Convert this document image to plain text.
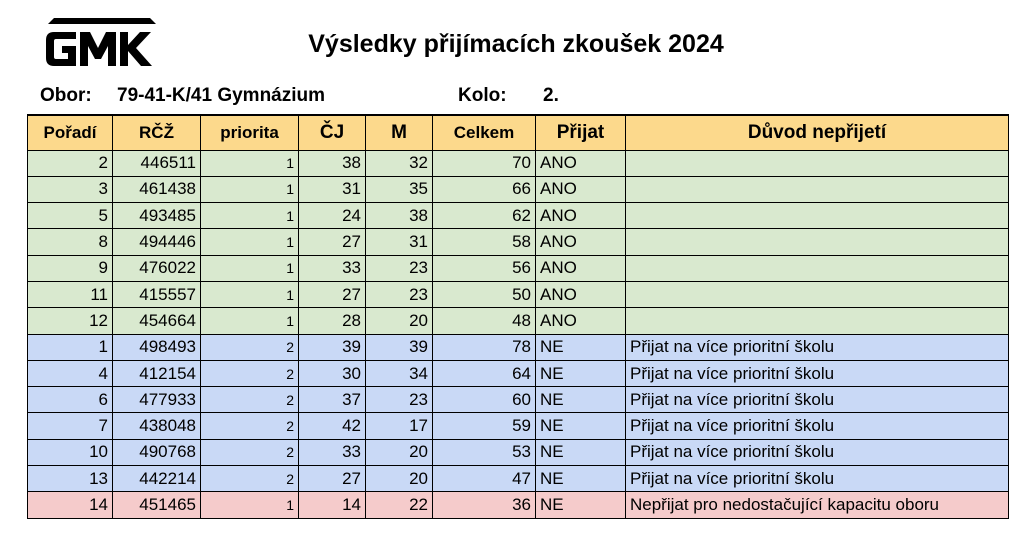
Výsledky přijímacích zkoušek 2024
Obor: 79-41-K/41 Gymnázium	Kolo: 2.
Pořadí	RČŽ	priorita	ČJ	M	Celkem	Přijat	Důvod nepřijetí
2	446511	1	38	32	70	ANO	
3	461438	1	31	35	66	ANO	
5	493485	1	24	38	62	ANO	
8	494446	1	27	31	58	ANO	
9	476022	1	33	23	56	ANO	
11	415557	1	27	23	50	ANO	
12	454664	1	28	20	48	ANO	
1	498493	2	39	39	78	NE	Přijat na více prioritní školu
4	412154	2	30	34	64	NE	Přijat na více prioritní školu
6	477933	2	37	23	60	NE	Přijat na více prioritní školu
7	438048	2	42	17	59	NE	Přijat na více prioritní školu
10	490768	2	33	20	53	NE	Přijat na více prioritní školu
13	442214	2	27	20	47	NE	Přijat na více prioritní školu
14	451465	1	14	22	36	NE	Nepřijat pro nedostačující kapacitu oboru
